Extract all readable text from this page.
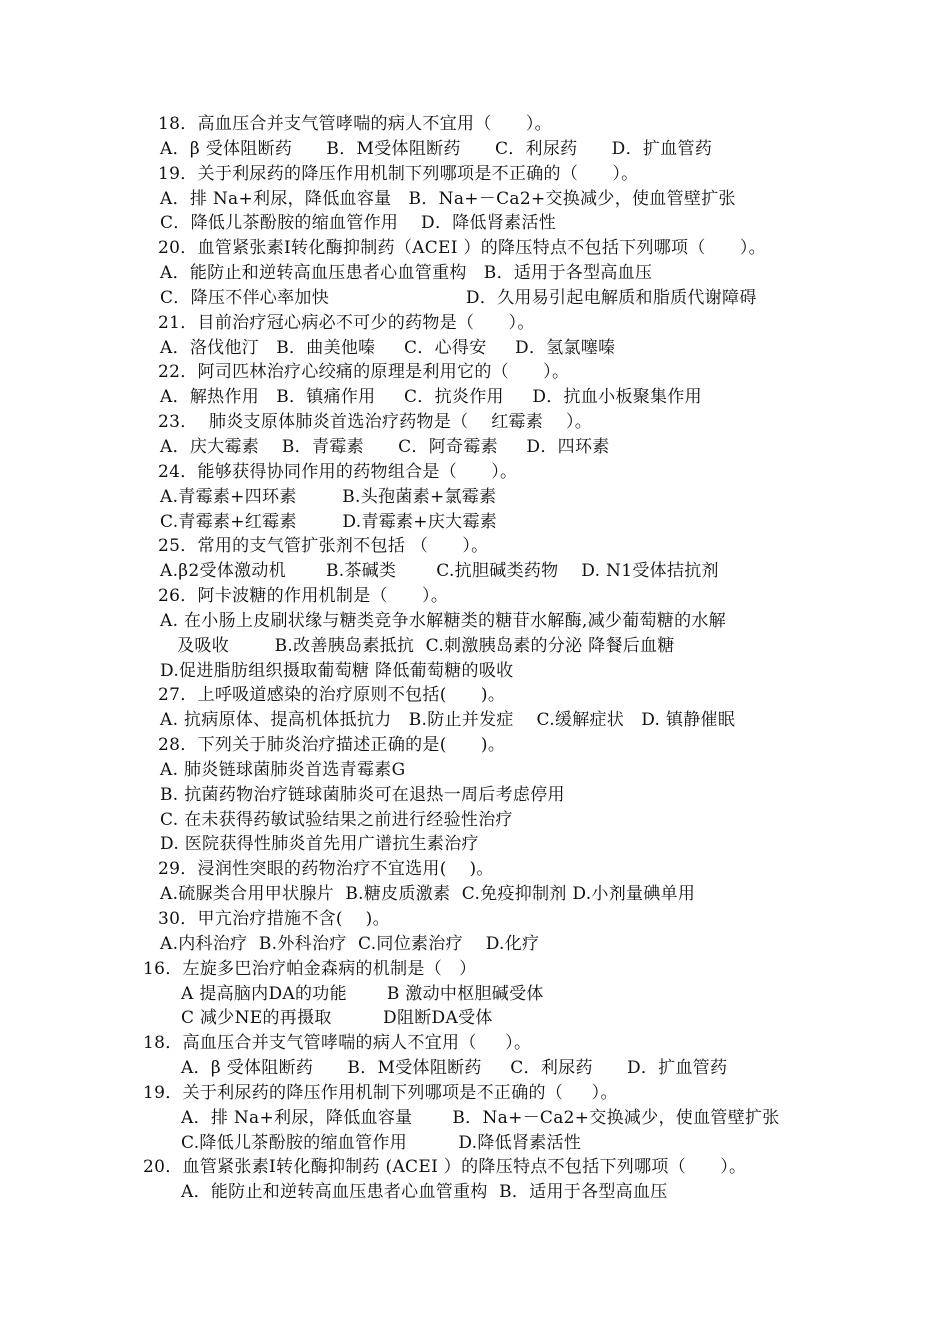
18．高血压合并支气管哮喘的病人不宜用（      ）。
A．β 受体阻断药      B．M受体阻断药      C．利尿药      D．扩血管药
19．关于利尿药的降压作用机制下列哪项是不正确的（      ）。
A．排 Na+利尿，降低血容量   B．Na+－Ca2+交换减少，使血管壁扩张
C．降低儿茶酚胺的缩血管作用    D．降低肾素活性
20．血管紧张素Ⅰ转化酶抑制药（ACEI ）的降压特点不包括下列哪项（      ）。
A．能防止和逆转高血压患者心血管重构   B．适用于各型高血压
C．降压不伴心率加快                        D．久用易引起电解质和脂质代谢障碍
21．目前治疗冠心病必不可少的药物是（      ）。
A．洛伐他汀   B．曲美他嗪     C．心得安     D．氢氯噻嗪
22．阿司匹林治疗心绞痛的原理是利用它的（      ）。
A．解热作用   B．镇痛作用     C．抗炎作用     D．抗血小板聚集作用
23．  肺炎支原体肺炎首选治疗药物是（    红霉素    ）。
A．庆大霉素    B．青霉素      C．阿奇霉素     D．四环素
24．能够获得协同作用的药物组合是（      ）。
A.青霉素+四环素        B.头孢菌素+氯霉素
C.青霉素+红霉素        D.青霉素+庆大霉素
25．常用的支气管扩张剂不包括 （      ）。
A.β2受体激动机       B.茶碱类       C.抗胆碱类药物    D. N1受体拮抗剂
26．阿卡波糖的作用机制是（      ）。
A. 在小肠上皮刷状缘与糖类竞争水解糖类的糖苷水解酶,减少葡萄糖的水解
及吸收        B.改善胰岛素抵抗  C.刺激胰岛素的分泌 降餐后血糖
D.促进脂肪组织摄取葡萄糖 降低葡萄糖的吸收
27．上呼吸道感染的治疗原则不包括(      )。
A. 抗病原体、提高机体抵抗力   B.防止并发症    C.缓解症状   D. 镇静催眠
28．下列关于肺炎治疗描述正确的是(      )。
A. 肺炎链球菌肺炎首选青霉素G
B. 抗菌药物治疗链球菌肺炎可在退热一周后考虑停用
C. 在未获得药敏试验结果之前进行经验性治疗
D. 医院获得性肺炎首先用广谱抗生素治疗
29．浸润性突眼的药物治疗不宜选用(    )。
A.硫脲类合用甲状腺片  B.糖皮质激素  C.免疫抑制剂 D.小剂量碘单用
30．甲亢治疗措施不含(    )。
A.内科治疗  B.外科治疗  C.同位素治疗    D.化疗
16．左旋多巴治疗帕金森病的机制是（   ）
A 提高脑内DA的功能       B 激动中枢胆碱受体
C 减少NE的再摄取         D阻断DA受体
18．高血压合并支气管哮喘的病人不宜用（     ）。
A．β 受体阻断药      B．M受体阻断药     C．利尿药      D．扩血管药
19．关于利尿药的降压作用机制下列哪项是不正确的（     ）。
A．排 Na+利尿，降低血容量       B．Na+－Ca2+交换减少，使血管壁扩张
C.降低儿茶酚胺的缩血管作用         D.降低肾素活性
20．血管紧张素Ⅰ转化酶抑制药 (ACEI ）的降压特点不包括下列哪项（      ）。
A．能防止和逆转高血压患者心血管重构  B．适用于各型高血压
